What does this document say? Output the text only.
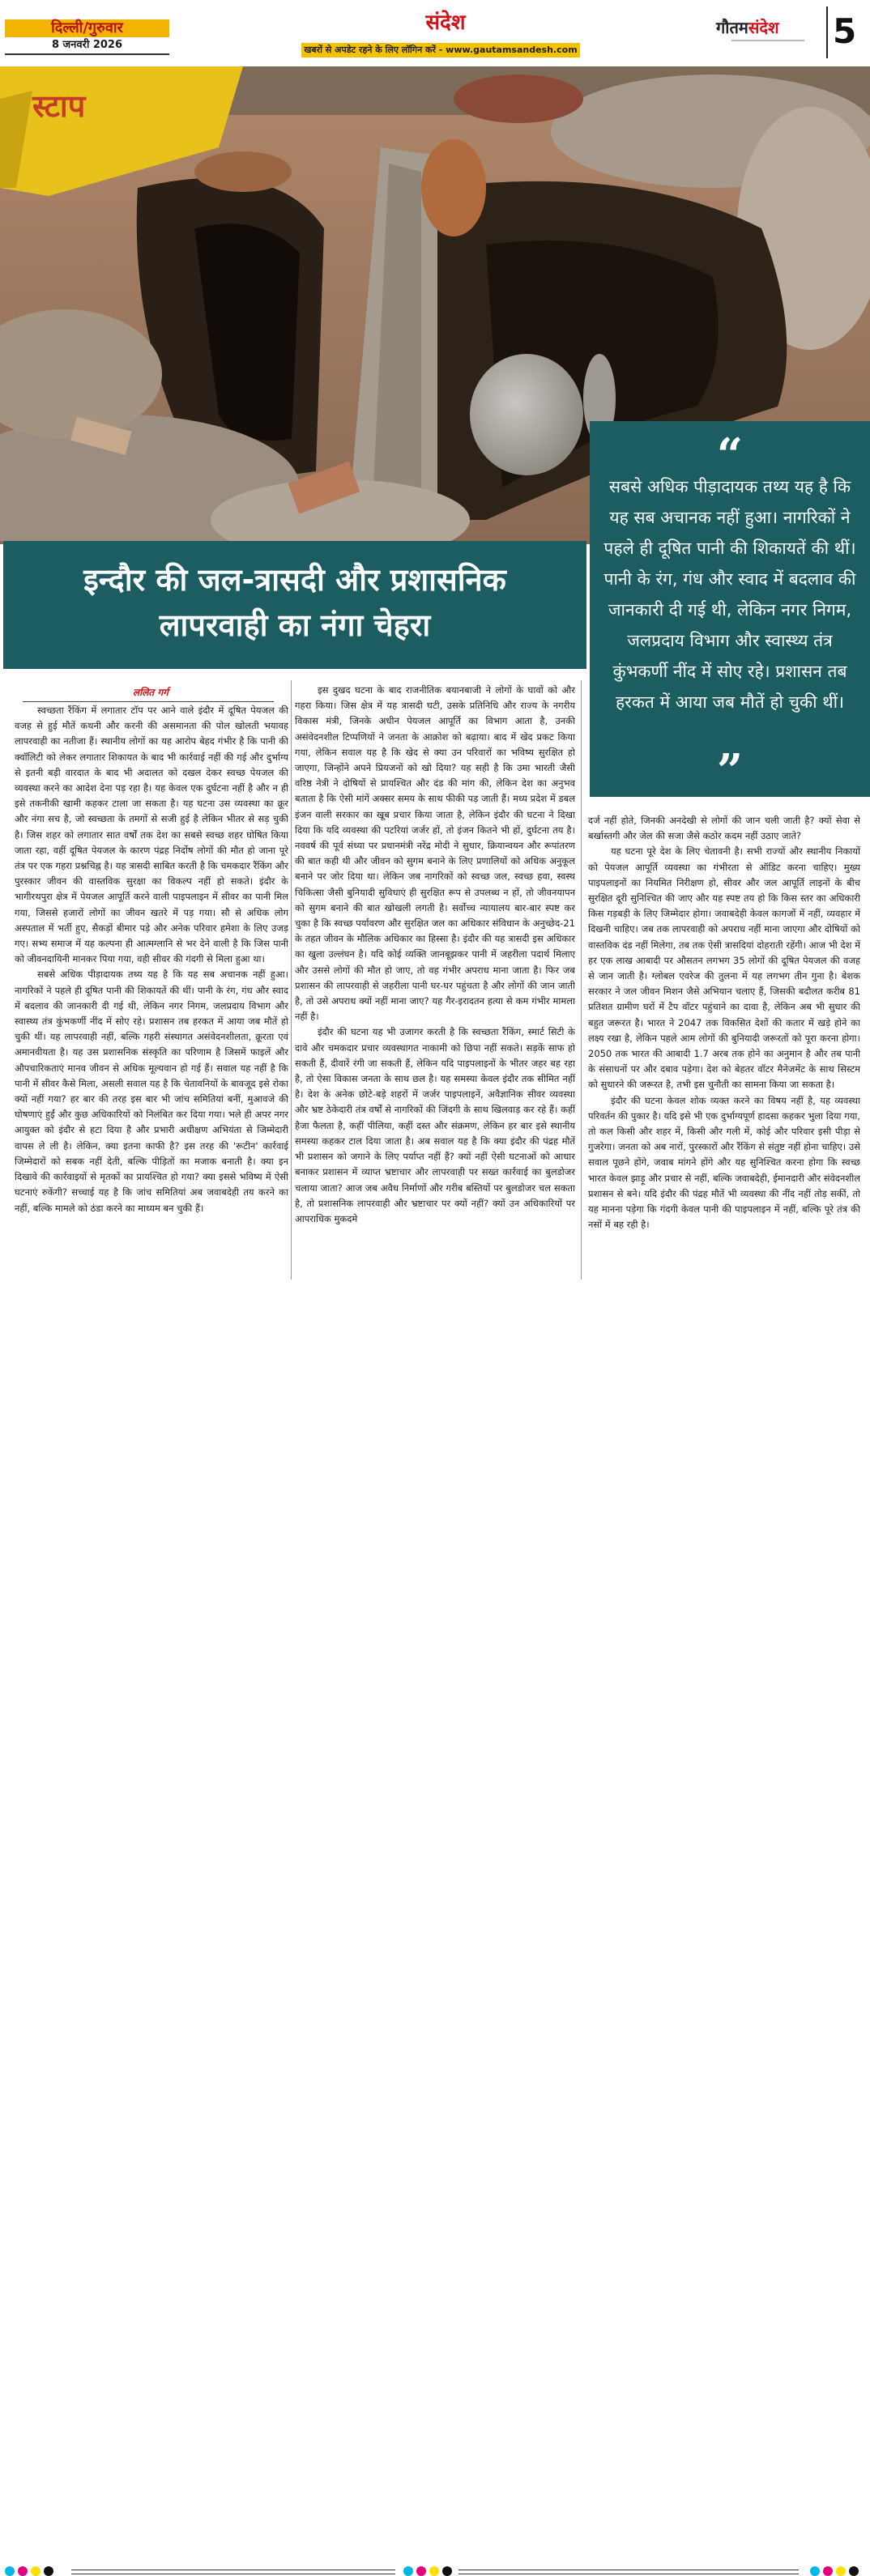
दिल्ली/गुरुवार
8 जनवरी 2026
संदेश
खबरों से अपडेट रहने के लिए लॉगिन करें - www.gautamsandesh.com
गौतमसंदेश	5
स्टाप
इन्दौर की जल-त्रासदी और प्रशासनिक
लापरवाही का नंगा चेहरा
“
सबसे अधिक पीड़ादायक तथ्य यह है कि यह सब अचानक नहीं हुआ। नागरिकों ने पहले ही दूषित पानी की शिकायतें की थीं। पानी के रंग, गंध और स्वाद में बदलाव की जानकारी दी गई थी, लेकिन नगर निगम, जलप्रदाय विभाग और स्वास्थ्य तंत्र कुंभकर्णी नींद में सोए रहे। प्रशासन तब हरकत में आया जब मौतें हो चुकी थीं।
”
ललित गर्ग

स्वच्छता रैंकिंग में लगातार टॉप पर आने वाले इंदौर में दूषित पेयजल की वजह से हुई मौतें कथनी और करनी की असमानता की पोल खोलती भयावह लापरवाही का नतीजा हैं। स्थानीय लोगों का यह आरोप बेहद गंभीर है कि पानी की क्वॉलिटी को लेकर लगातार शिकायत के बाद भी कार्रवाई नहीं की गई और दुर्भाग्य से इतनी बड़ी वारदात के बाद भी अदालत को दखल देकर स्वच्छ पेयजल की व्यवस्था करने का आदेश देना पड़ रहा है। यह केवल एक दुर्घटना नहीं है और न ही इसे तकनीकी खामी कहकर टाला जा सकता है। यह घटना उस व्यवस्था का क्रूर और नंगा सच है, जो स्वच्छता के तमगों से सजी हुई है लेकिन भीतर से सड़ चुकी है। जिस शहर को लगातार सात वर्षों तक देश का सबसे स्वच्छ शहर घोषित किया जाता रहा, वहीं दूषित पेयजल के कारण पंद्रह निर्दोष लोगों की मौत हो जाना पूरे तंत्र पर एक गहरा प्रश्नचिह्न है। यह त्रासदी साबित करती है कि चमकदार रैंकिंग और पुरस्कार जीवन की वास्तविक सुरक्षा का विकल्प नहीं हो सकते। इंदौर के भागीरथपुरा क्षेत्र में पेयजल आपूर्ति करने वाली पाइपलाइन में सीवर का पानी मिल गया, जिससे हजारों लोगों का जीवन खतरे में पड़ गया। सौ से अधिक लोग अस्पताल में भर्ती हुए, सैकड़ों बीमार पड़े और अनेक परिवार हमेशा के लिए उजड़ गए। सभ्य समाज में यह कल्पना ही आत्मग्लानि से भर देने वाली है कि जिस पानी को जीवनदायिनी मानकर पिया गया, वही सीवर की गंदगी से मिला हुआ था।

सबसे अधिक पीड़ादायक तथ्य यह है कि यह सब अचानक नहीं हुआ। नागरिकों ने पहले ही दूषित पानी की शिकायतें की थीं। पानी के रंग, गंध और स्वाद में बदलाव की जानकारी दी गई थी, लेकिन नगर निगम, जलप्रदाय विभाग और स्वास्थ्य तंत्र कुंभकर्णी नींद में सोए रहे। प्रशासन तब हरकत में आया जब मौतें हो चुकी थीं। यह लापरवाही नहीं, बल्कि गहरी संस्थागत असंवेदनशीलता, क्रूरता एवं अमानवीयता है। यह उस प्रशासनिक संस्कृति का परिणाम है जिसमें फाइलें और औपचारिकताएं मानव जीवन से अधिक मूल्यवान हो गई हैं। सवाल यह नहीं है कि पानी में सीवर कैसे मिला, असली सवाल यह है कि चेतावनियों के बावजूद इसे रोका क्यों नहीं गया? हर बार की तरह इस बार भी जांच समितियां बनीं, मुआवजे की घोषणाएं हुईं और कुछ अधिकारियों को निलंबित कर दिया गया। भले ही अपर नगर आयुक्त को इंदौर से हटा दिया है और प्रभारी अधीक्षण अभियंता से जिम्मेदारी वापस ले ली है। लेकिन, क्या इतना काफी है? इस तरह की 'रूटीन' कार्रवाई जिम्मेदारों को सबक नहीं देती, बल्कि पीड़ितों का मजाक बनाती है। क्या इन दिखावे की कार्रवाइयों से मृतकों का प्रायश्चित हो गया? क्या इससे भविष्य में ऐसी घटनाएं रुकेंगी? सच्चाई यह है कि जांच समितियां अब जवाबदेही तय करने का नहीं, बल्कि मामले को ठंडा करने का माध्यम बन चुकी हैं।

इस दुखद घटना के बाद राजनीतिक बयानबाजी ने लोगों के घावों को और गहरा किया। जिस क्षेत्र में यह त्रासदी घटी, उसके प्रतिनिधि और राज्य के नगरीय विकास मंत्री, जिनके अधीन पेयजल आपूर्ति का विभाग आता है, उनकी असंवेदनशील टिप्पणियों ने जनता के आक्रोश को बढ़ाया। बाद में खेद प्रकट किया गया, लेकिन सवाल यह है कि खेद से क्या उन परिवारों का भविष्य सुरक्षित हो जाएगा, जिन्होंने अपने प्रियजनों को खो दिया? यह सही है कि उमा भारती जैसी वरिष्ठ नेत्री ने दोषियों से प्रायश्चित और दंड की मांग की, लेकिन देश का अनुभव बताता है कि ऐसी मांगें अक्सर समय के साथ फीकी पड़ जाती हैं। मध्य प्रदेश में डबल इंजन वाली सरकार का खूब प्रचार किया जाता है, लेकिन इंदौर की घटना ने दिखा दिया कि यदि व्यवस्था की पटरियां जर्जर हों, तो इंजन कितने भी हों, दुर्घटना तय है। नववर्ष की पूर्व संध्या पर प्रधानमंत्री नरेंद्र मोदी ने सुधार, क्रियान्वयन और रूपांतरण की बात कही थी और जीवन को सुगम बनाने के लिए प्रणालियों को अधिक अनुकूल बनाने पर जोर दिया था। लेकिन जब नागरिकों को स्वच्छ जल, स्वच्छ हवा, स्वस्थ चिकित्सा जैसी बुनियादी सुविधाएं ही सुरक्षित रूप से उपलब्ध न हों, तो जीवनयापन को सुगम बनाने की बात खोखली लगती है। सर्वोच्च न्यायालय बार-बार स्पष्ट कर चुका है कि स्वच्छ पर्यावरण और सुरक्षित जल का अधिकार संविधान के अनुच्छेद-21 के तहत जीवन के मौलिक अधिकार का हिस्सा है। इंदौर की यह त्रासदी इस अधिकार का खुला उल्लंघन है। यदि कोई व्यक्ति जानबूझकर पानी में जहरीला पदार्थ मिलाए और उससे लोगों की मौत हो जाए, तो वह गंभीर अपराध माना जाता है। फिर जब प्रशासन की लापरवाही से जहरीला पानी घर-घर पहुंचता है और लोगों की जान जाती है, तो उसे अपराध क्यों नहीं माना जाए? यह गैर-इरादतन हत्या से कम गंभीर मामला नहीं है।

इंदौर की घटना यह भी उजागर करती है कि स्वच्छता रैंकिंग, स्मार्ट सिटी के दावे और चमकदार प्रचार व्यवस्थागत नाकामी को छिपा नहीं सकते। सड़कें साफ हो सकती हैं, दीवारें रंगी जा सकती हैं, लेकिन यदि पाइपलाइनों के भीतर जहर बह रहा है, तो ऐसा विकास जनता के साथ छल है। यह समस्या केवल इंदौर तक सीमित नहीं है। देश के अनेक छोटे-बड़े शहरों में जर्जर पाइपलाइनें, अवैज्ञानिक सीवर व्यवस्था और भ्रष्ट ठेकेदारी तंत्र वर्षों से नागरिकों की जिंदगी के साथ खिलवाड़ कर रहे हैं। कहीं हैजा फैलता है, कहीं पीलिया, कहीं दस्त और संक्रमण, लेकिन हर बार इसे स्थानीय समस्या कहकर टाल दिया जाता है। अब सवाल यह है कि क्या इंदौर की पंद्रह मौतें भी प्रशासन को जगाने के लिए पर्याप्त नहीं हैं? क्यों नहीं ऐसी घटनाओं को आधार बनाकर प्रशासन में व्याप्त भ्रष्टाचार और लापरवाही पर सख्त कार्रवाई का बुलडोजर चलाया जाता? आज जब अवैध निर्माणों और गरीब बस्तियों पर बुलडोजर चल सकता है, तो प्रशासनिक लापरवाही और भ्रष्टाचार पर क्यों नहीं? क्यों उन अधिकारियों पर आपराधिक मुकदमे

दर्ज नहीं होते, जिनकी अनदेखी से लोगों की जान चली जाती है? क्यों सेवा से बर्खास्तगी और जेल की सजा जैसे कठोर कदम नहीं उठाए जाते?

यह घटना पूरे देश के लिए चेतावनी है। सभी राज्यों और स्थानीय निकायों को पेयजल आपूर्ति व्यवस्था का गंभीरता से ऑडिट करना चाहिए। मुख्य पाइपलाइनों का नियमित निरीक्षण हो, सीवर और जल आपूर्ति लाइनों के बीच सुरक्षित दूरी सुनिश्चित की जाए और यह स्पष्ट तय हो कि किस स्तर का अधिकारी किस गड़बड़ी के लिए जिम्मेदार होगा। जवाबदेही केवल कागजों में नहीं, व्यवहार में दिखनी चाहिए। जब तक लापरवाही को अपराध नहीं माना जाएगा और दोषियों को वास्तविक दंड नहीं मिलेगा, तब तक ऐसी त्रासदियां दोहराती रहेंगी। आज भी देश में हर एक लाख आबादी पर औसतन लगभग 35 लोगों की दूषित पेयजल की वजह से जान जाती है। ग्लोबल एवरेज की तुलना में यह लगभग तीन गुना है। बेशक सरकार ने जल जीवन मिशन जैसे अभियान चलाए हैं, जिसकी बदौलत करीब 81 प्रतिशत ग्रामीण घरों में टैप वॉटर पहुंचाने का दावा है, लेकिन अब भी सुधार की बहुत जरूरत है। भारत ने 2047 तक विकसित देशों की कतार में खड़े होने का लक्ष्य रखा है, लेकिन पहले आम लोगों की बुनियादी जरूरतों को पूरा करना होगा। 2050 तक भारत की आबादी 1.7 अरब तक होने का अनुमान है और तब पानी के संसाधनों पर और दबाव पड़ेगा। देश को बेहतर वॉटर मैनेजमेंट के साथ सिस्टम को सुधारने की जरूरत है, तभी इस चुनौती का सामना किया जा सकता है।

इंदौर की घटना केवल शोक व्यक्त करने का विषय नहीं है, यह व्यवस्था परिवर्तन की पुकार है। यदि इसे भी एक दुर्भाग्यपूर्ण हादसा कहकर भुला दिया गया, तो कल किसी और शहर में, किसी और गली में, कोई और परिवार इसी पीड़ा से गुजरेगा। जनता को अब नारों, पुरस्कारों और रैंकिंग से संतुष्ट नहीं होना चाहिए। उसे सवाल पूछने होंगे, जवाब मांगने होंगे और यह सुनिश्चित करना होगा कि स्वच्छ भारत केवल झाड़ू और प्रचार से नहीं, बल्कि जवाबदेही, ईमानदारी और संवेदनशील प्रशासन से बने। यदि इंदौर की पंद्रह मौतें भी व्यवस्था की नींद नहीं तोड़ सकीं, तो यह मानना पड़ेगा कि गंदगी केवल पानी की पाइपलाइन में नहीं, बल्कि पूरे तंत्र की नसों में बह रही है।
